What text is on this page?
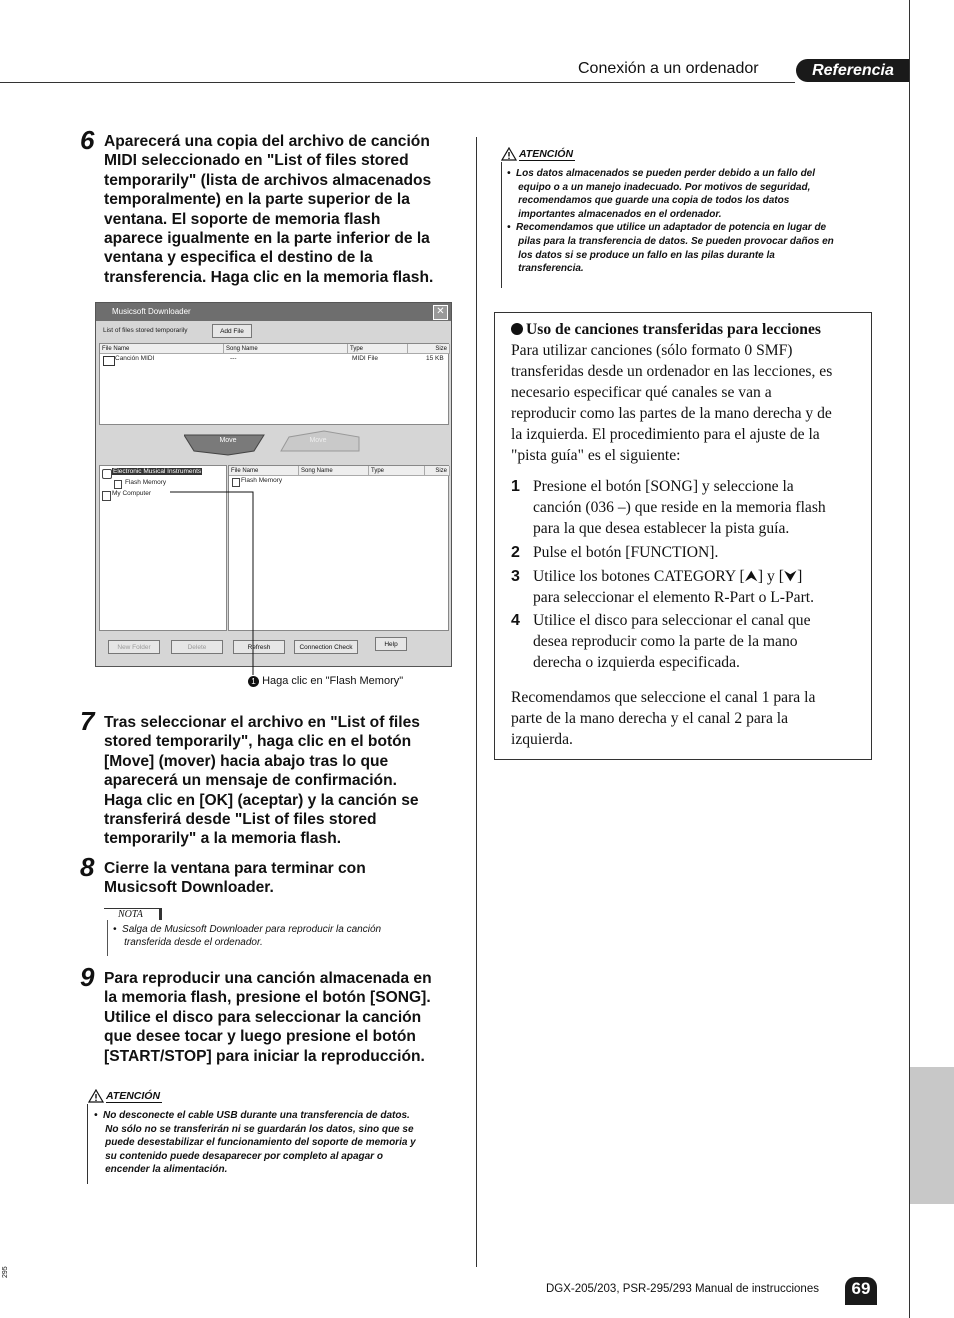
Conexión a un ordenador	Referencia
6 Aparecerá una copia del archivo de canción
MIDI seleccionado en "List of files stored
temporarily" (lista de archivos almacenados
temporalmente) en la parte superior de la
ventana. El soporte de memoria flash
aparece igualmente en la parte inferior de la
ventana y especifica el destino de la
transferencia. Haga clic en la memoria flash.
Musicsoft Downloader	✕
List of files stored temporarily	Add File
File Name	Song Name	Type	Size
Canción MIDI	---	MIDI File	15 KB
Move	Move
Electronic Musical Instruments
Flash Memory
My Computer
File Name	Song Name	Type	Size
Flash Memory
New Folder	Delete	Refresh	Connection Check	Help
1 Haga clic en "Flash Memory"
7 Tras seleccionar el archivo en "List of files
stored temporarily", haga clic en el botón
[Move] (mover) hacia abajo tras lo que
aparecerá un mensaje de confirmación.
Haga clic en [OK] (aceptar) y la canción se
transferirá desde "List of files stored
temporarily" a la memoria flash.
8 Cierre la ventana para terminar con
Musicsoft Downloader.
NOTA
•  Salga de Musicsoft Downloader para reproducir la canción
transferida desde el ordenador.
9 Para reproducir una canción almacenada en
la memoria flash, presione el botón [SONG].
Utilice el disco para seleccionar la canción
que desee tocar y luego presione el botón
[START/STOP] para iniciar la reproducción.
ATENCIÓN
•  No desconecte el cable USB durante una transferencia de datos.
No sólo no se transferirán ni se guardarán los datos, sino que se
puede desestabilizar el funcionamiento del soporte de memoria y
su contenido puede desaparecer por completo al apagar o
encender la alimentación.
ATENCIÓN
•  Los datos almacenados se pueden perder debido a un fallo del
equipo o a un manejo inadecuado. Por motivos de seguridad,
recomendamos que guarde una copia de todos los datos
importantes almacenados en el ordenador.
•  Recomendamos que utilice un adaptador de potencia en lugar de
pilas para la transferencia de datos. Se pueden provocar daños en
los datos si se produce un fallo en las pilas durante la
transferencia.
Uso de canciones transferidas para lecciones
Para utilizar canciones (sólo formato 0 SMF)
transferidas desde un ordenador en las lecciones, es
necesario especificar qué canales se van a
reproducir como las partes de la mano derecha y de
la izquierda. El procedimiento para el ajuste de la
"pista guía" es el siguiente:
1 Presione el botón [SONG] y seleccione la
canción (036 –) que reside en la memoria flash
para la que desea establecer la pista guía.
2 Pulse el botón [FUNCTION].
3 Utilice los botones CATEGORY [⮝] y [⮟]
para seleccionar el elemento R-Part o L-Part.
4 Utilice el disco para seleccionar el canal que
desea reproducir como la parte de la mano
derecha o izquierda especificada.
Recomendamos que seleccione el canal 1 para la
parte de la mano derecha y el canal 2 para la
izquierda.
DGX-205/203, PSR-295/293 Manual de instrucciones	69
295
